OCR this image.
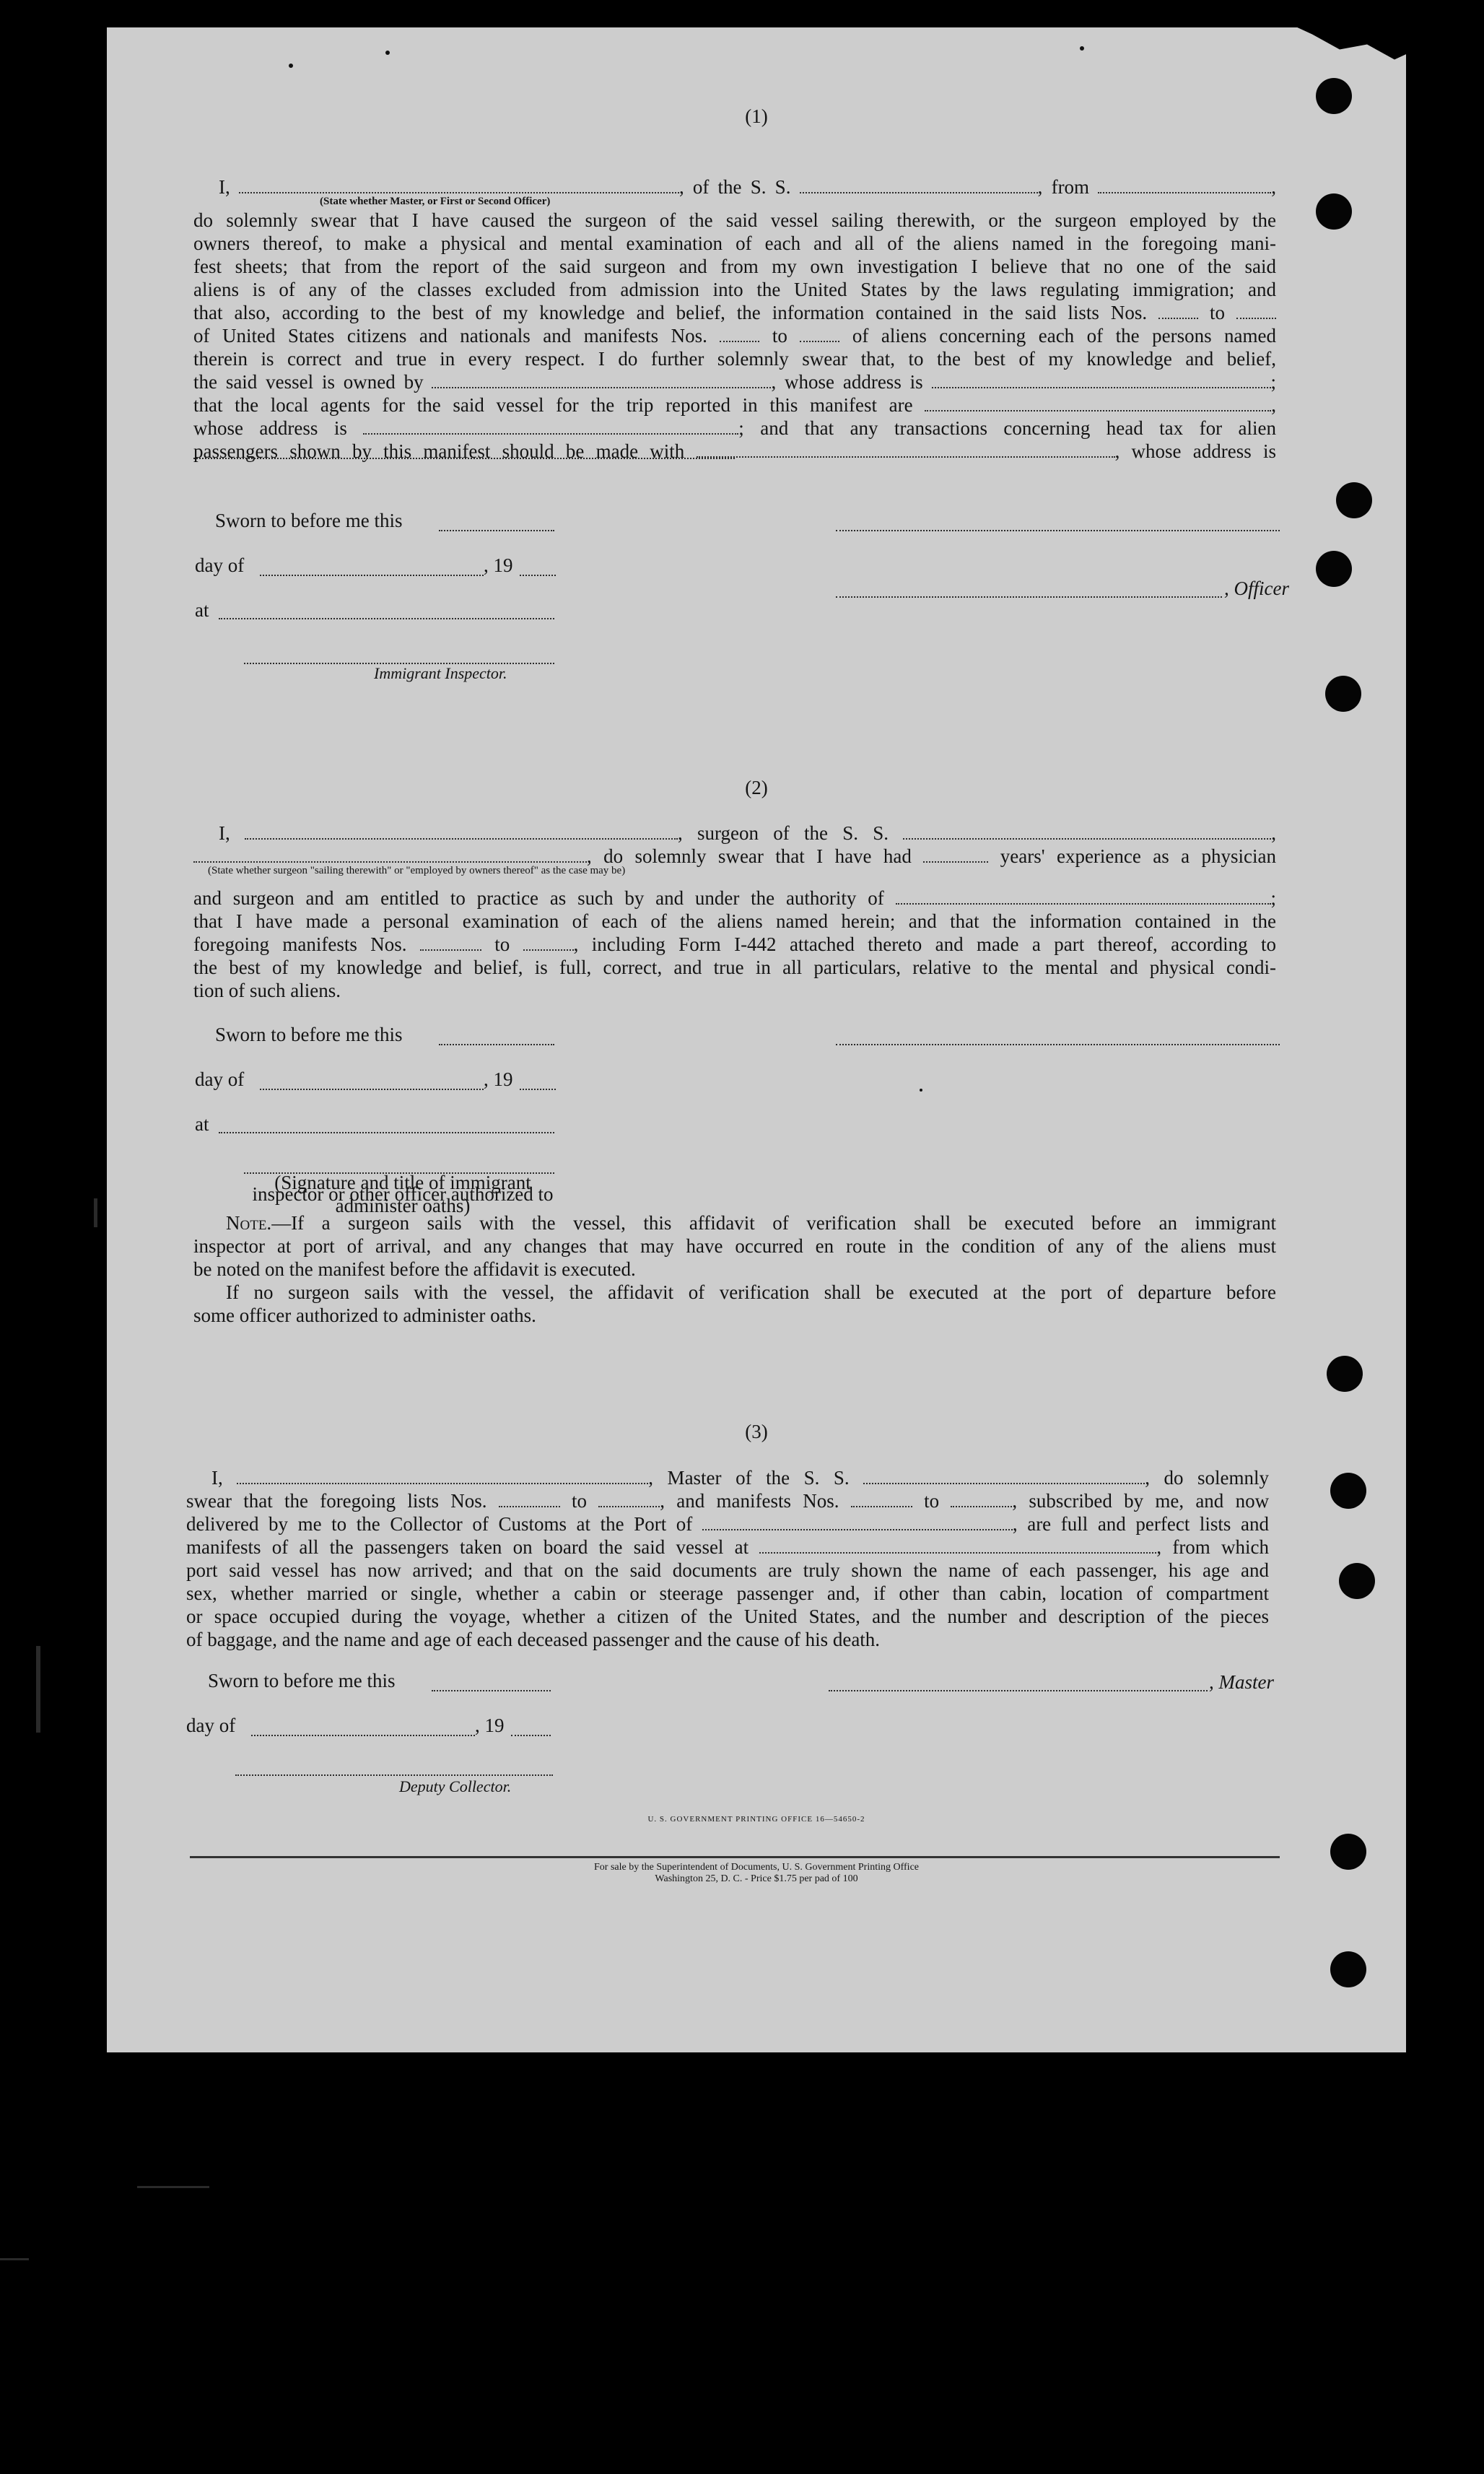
(1)
I,	, of the S. S.	, from	,
(State whether Master, or First or Second Officer)
do solemnly swear that I have caused the surgeon of the said vessel sailing therewith, or the surgeon employed by the
owners thereof, to make a physical and mental examination of each and all of the aliens named in the foregoing mani-
fest sheets; that from the report of the said surgeon and from my own investigation I believe that no one of the said
aliens is of any of the classes excluded from admission into the United States by the laws regulating immigration; and
that also, according to the best of my knowledge and belief, the information contained in the said lists Nos.	to
of United States citizens and nationals and manifests Nos.	to	of aliens concerning each of the persons named
therein is correct and true in every respect. I do further solemnly swear that, to the best of my knowledge and belief,
the said vessel is owned by	, whose address is	;
that the local agents for the said vessel for the trip reported in this manifest are	,
whose address is	; and that any transactions concerning head tax for alien
passengers shown by this manifest should be made with	, whose address is
Sworn to before me this
day of	, 19
, Officer
at
Immigrant Inspector.
(2)
I,	, surgeon of the S. S.	,
, do solemnly swear that I have had	years' experience as a physician
(State whether surgeon "sailing therewith" or "employed by owners thereof" as the case may be)
and surgeon and am entitled to practice as such by and under the authority of	;
that I have made a personal examination of each of the aliens named herein; and that the information contained in the
foregoing manifests Nos.	to	, including Form I-442 attached thereto and made a part thereof, according to
the best of my knowledge and belief, is full, correct, and true in all particulars, relative to the mental and physical condi-
tion of such aliens.
Sworn to before me this
day of	, 19
at
(Signature and title of immigrant inspector or other officer authorized to administer oaths)
Note.—If a surgeon sails with the vessel, this affidavit of verification shall be executed before an immigrant
inspector at port of arrival, and any changes that may have occurred en route in the condition of any of the aliens must
be noted on the manifest before the affidavit is executed.
If no surgeon sails with the vessel, the affidavit of verification shall be executed at the port of departure before
some officer authorized to administer oaths.
(3)
I,	, Master of the S. S.	, do solemnly
swear that the foregoing lists Nos.	to	, and manifests Nos.	to	, subscribed by me, and now
delivered by me to the Collector of Customs at the Port of	, are full and perfect lists and
manifests of all the passengers taken on board the said vessel at	, from which
port said vessel has now arrived; and that on the said documents are truly shown the name of each passenger, his age and
sex, whether married or single, whether a cabin or steerage passenger and, if other than cabin, location of compartment
or space occupied during the voyage, whether a citizen of the United States, and the number and description of the pieces
of baggage, and the name and age of each deceased passenger and the cause of his death.
Sworn to before me this	, Master
day of	, 19
Deputy Collector.
U. S. GOVERNMENT PRINTING OFFICE 16—54650-2
For sale by the Superintendent of Documents, U. S. Government Printing Office
Washington 25, D. C. - Price $1.75 per pad of 100
